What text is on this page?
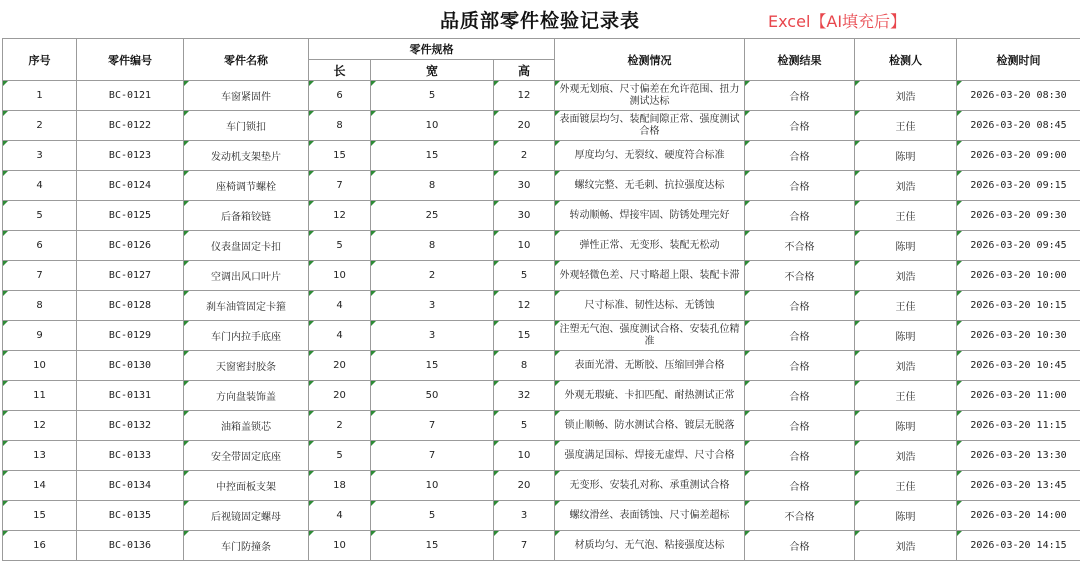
品质部零件检验记录表	Excel【AI填充后】
序号	零件编号	零件名称	零件规格			检测情况	检测结果	检测人	检测时间
			长	宽	高				
1	BC-0121	车窗紧固件	6	5	12	外观无划痕、尺寸偏差在允许范围、扭力测试达标	合格	刘浩	2026-03-20 08:30
2	BC-0122	车门锁扣	8	10	20	表面镀层均匀、装配间隙正常、强度测试合格	合格	王佳	2026-03-20 08:45
3	BC-0123	发动机支架垫片	15	15	2	厚度均匀、无裂纹、硬度符合标准	合格	陈明	2026-03-20 09:00
4	BC-0124	座椅调节螺栓	7	8	30	螺纹完整、无毛刺、抗拉强度达标	合格	刘浩	2026-03-20 09:15
5	BC-0125	后备箱铰链	12	25	30	转动顺畅、焊接牢固、防锈处理完好	合格	王佳	2026-03-20 09:30
6	BC-0126	仪表盘固定卡扣	5	8	10	弹性正常、无变形、装配无松动	不合格	陈明	2026-03-20 09:45
7	BC-0127	空调出风口叶片	10	2	5	外观轻微色差、尺寸略超上限、装配卡滞	不合格	刘浩	2026-03-20 10:00
8	BC-0128	刹车油管固定卡箍	4	3	12	尺寸标准、韧性达标、无锈蚀	合格	王佳	2026-03-20 10:15
9	BC-0129	车门内拉手底座	4	3	15	注塑无气泡、强度测试合格、安装孔位精准	合格	陈明	2026-03-20 10:30
10	BC-0130	天窗密封胶条	20	15	8	表面光滑、无断胶、压缩回弹合格	合格	刘浩	2026-03-20 10:45
11	BC-0131	方向盘装饰盖	20	50	32	外观无瑕疵、卡扣匹配、耐热测试正常	合格	王佳	2026-03-20 11:00
12	BC-0132	油箱盖锁芯	2	7	5	锁止顺畅、防水测试合格、镀层无脱落	合格	陈明	2026-03-20 11:15
13	BC-0133	安全带固定底座	5	7	10	强度满足国标、焊接无虚焊、尺寸合格	合格	刘浩	2026-03-20 13:30
14	BC-0134	中控面板支架	18	10	20	无变形、安装孔对称、承重测试合格	合格	王佳	2026-03-20 13:45
15	BC-0135	后视镜固定螺母	4	5	3	螺纹滑丝、表面锈蚀、尺寸偏差超标	不合格	陈明	2026-03-20 14:00
16	BC-0136	车门防撞条	10	15	7	材质均匀、无气泡、粘接强度达标	合格	刘浩	2026-03-20 14:15
